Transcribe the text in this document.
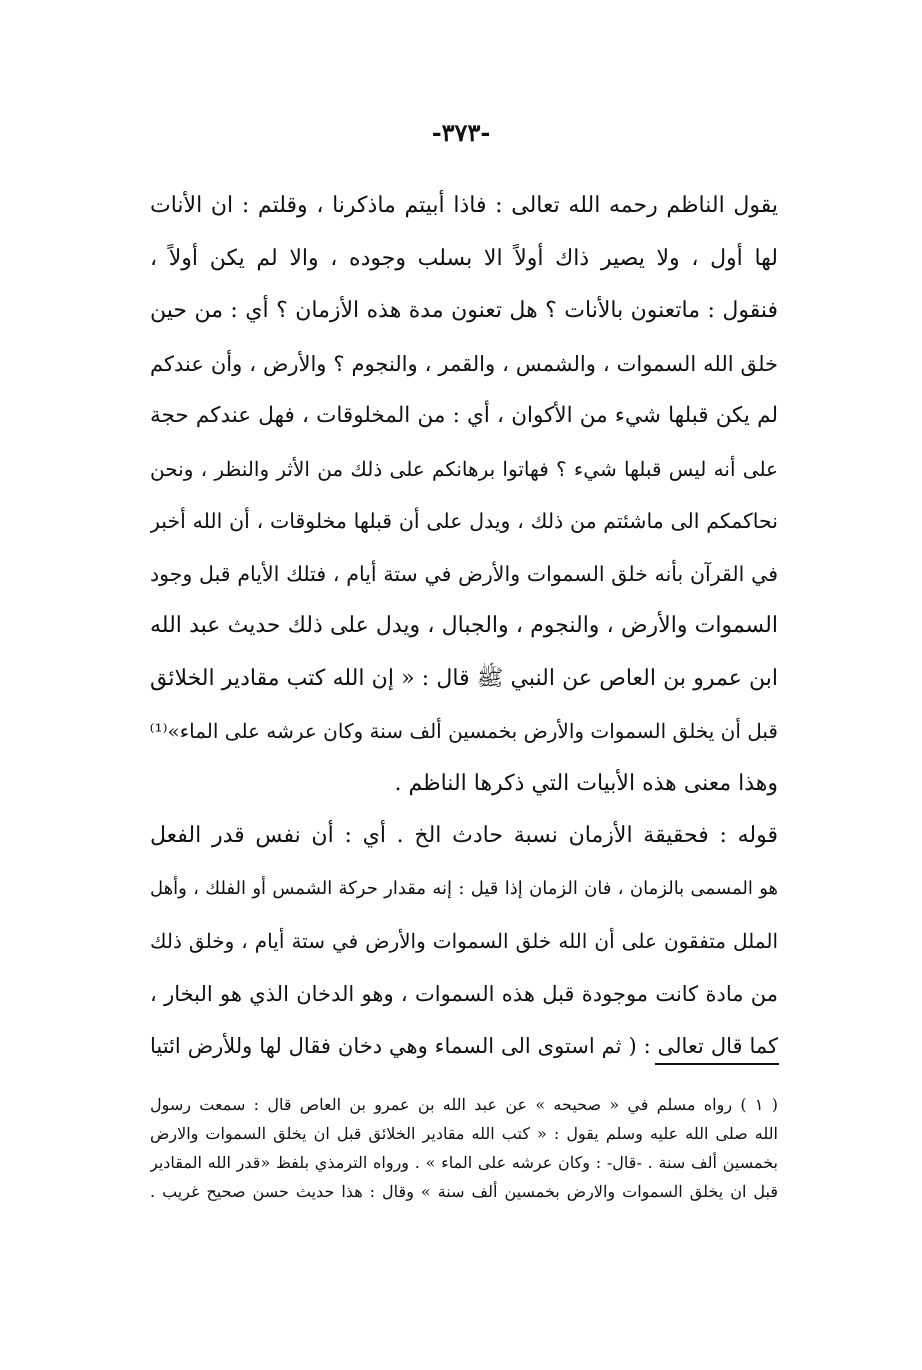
-٣٧٣-
يقول الناظم رحمه الله تعالى : فاذا أبيتم ماذكرنا ، وقلتم : ان الأنات
لها أول ، ولا يصير ذاك أولاً الا بسلب وجوده ، والا لم يكن أولاً ،
فنقول : ماتعنون بالأنات ؟ هل تعنون مدة هذه الأزمان ؟ أي : من حين
خلق الله السموات ، والشمس ، والقمر ، والنجوم ؟ والأرض ، وأن عندكم
لم يكن قبلها شيء من الأكوان ، أي : من المخلوقات ، فهل عندكم حجة
على أنه ليس قبلها شيء ؟ فهاتوا برهانكم على ذلك من الأثر والنظر ، ونحن
نحاكمكم الى ماشئتم من ذلك ، ويدل على أن قبلها مخلوقات ، أن الله أخبر
في القرآن بأنه خلق السموات والأرض في ستة أيام ، فتلك الأيام قبل وجود
السموات والأرض ، والنجوم ، والجبال ، ويدل على ذلك حديث عبد الله
ابن عمرو بن العاص عن النبي ﷺ قال : « إن الله كتب مقادير الخلائق
قبل أن يخلق السموات والأرض بخمسين ألف سنة وكان عرشه على الماء»⁽¹⁾
وهذا معنى هذه الأبيات التي ذكرها الناظم .
قوله : فحقيقة الأزمان نسبة حادث الخ . أي : أن نفس قدر الفعل
هو المسمى بالزمان ، فان الزمان إذا قيل : إنه مقدار حركة الشمس أو الفلك ، وأهل
الملل متفقون على أن الله خلق السموات والأرض في ستة أيام ، وخلق ذلك
من مادة كانت موجودة قبل هذه السموات ، وهو الدخان الذي هو البخار ،
كما قال تعالى : ( ثم استوى الى السماء وهي دخان فقال لها وللأرض ائتيا
( ١ ) رواه مسلم في « صحيحه » عن عبد الله بن عمرو بن العاص قال : سمعت رسول
الله صلى الله عليه وسلم يقول : « كتب الله مقادير الخلائق قبل ان يخلق السموات والارض
بخمسين ألف سنة . -قال- : وكان عرشه على الماء » . ورواه الترمذي بلفظ «قدر الله المقادير
قبل ان يخلق السموات والارض بخمسين ألف سنة » وقال : هذا حديث حسن صحيح غريب .
